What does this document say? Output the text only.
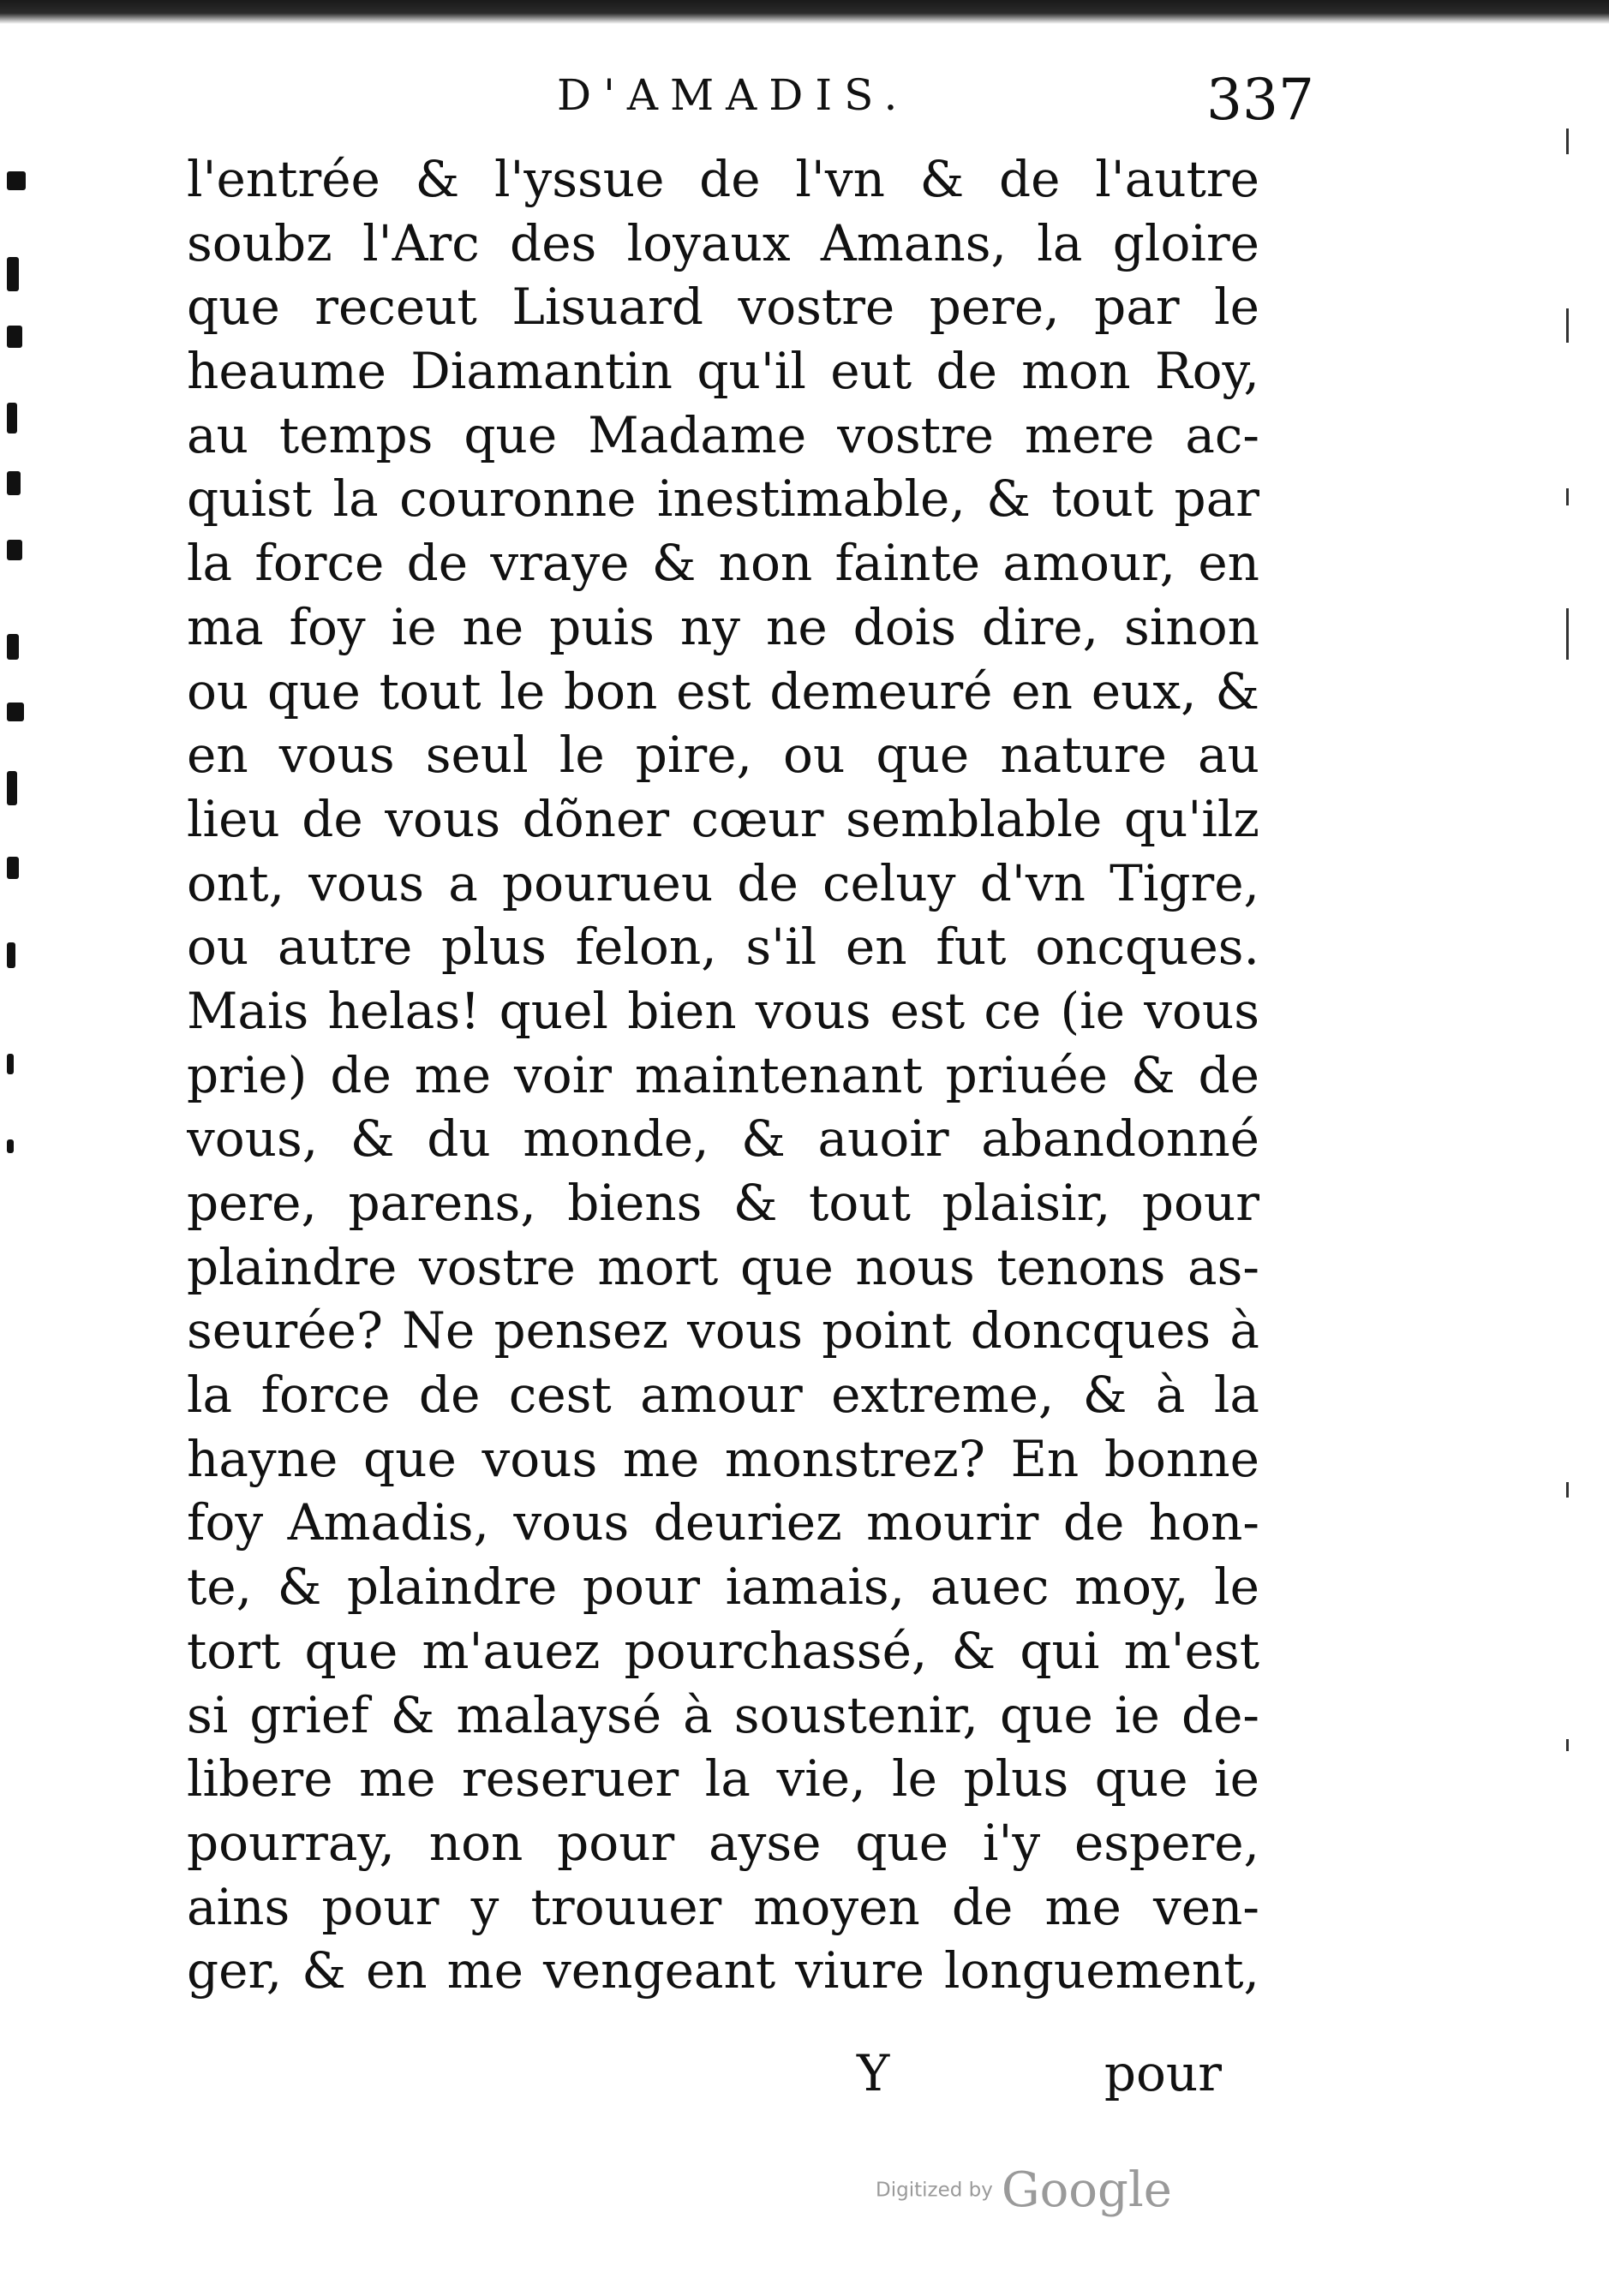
D'AMADIS.	337
l'entrée & l'yssue de l'vn & de l'autre
soubz l'Arc des loyaux Amans, la gloire
que receut Lisuard vostre pere, par le
heaume Diamantin qu'il eut de mon Roy,
au temps que Madame vostre mere ac-
quist la couronne inestimable, & tout par
la force de vraye & non fainte amour, en
ma foy ie ne puis ny ne dois dire, sinon
ou que tout le bon est demeuré en eux, &
en vous seul le pire, ou que nature au
lieu de vous dõner cœur semblable qu'ilz
ont, vous a pourueu de celuy d'vn Tigre,
ou autre plus felon, s'il en fut oncques.
Mais helas! quel bien vous est ce (ie vous
prie) de me voir maintenant priuée & de
vous, & du monde, & auoir abandonné
pere, parens, biens & tout plaisir, pour
plaindre vostre mort que nous tenons as-
seurée? Ne pensez vous point doncques à
la force de cest amour extreme, & à la
hayne que vous me monstrez? En bonne
foy Amadis, vous deuriez mourir de hon-
te, & plaindre pour iamais, auec moy, le
tort que m'auez pourchassé, & qui m'est
si grief & malaysé à soustenir, que ie de-
libere me reseruer la vie, le plus que ie
pourray, non pour ayse que i'y espere,
ains pour y trouuer moyen de me ven-
ger, & en me vengeant viure longuement,
Y	pour
Digitized by Google
